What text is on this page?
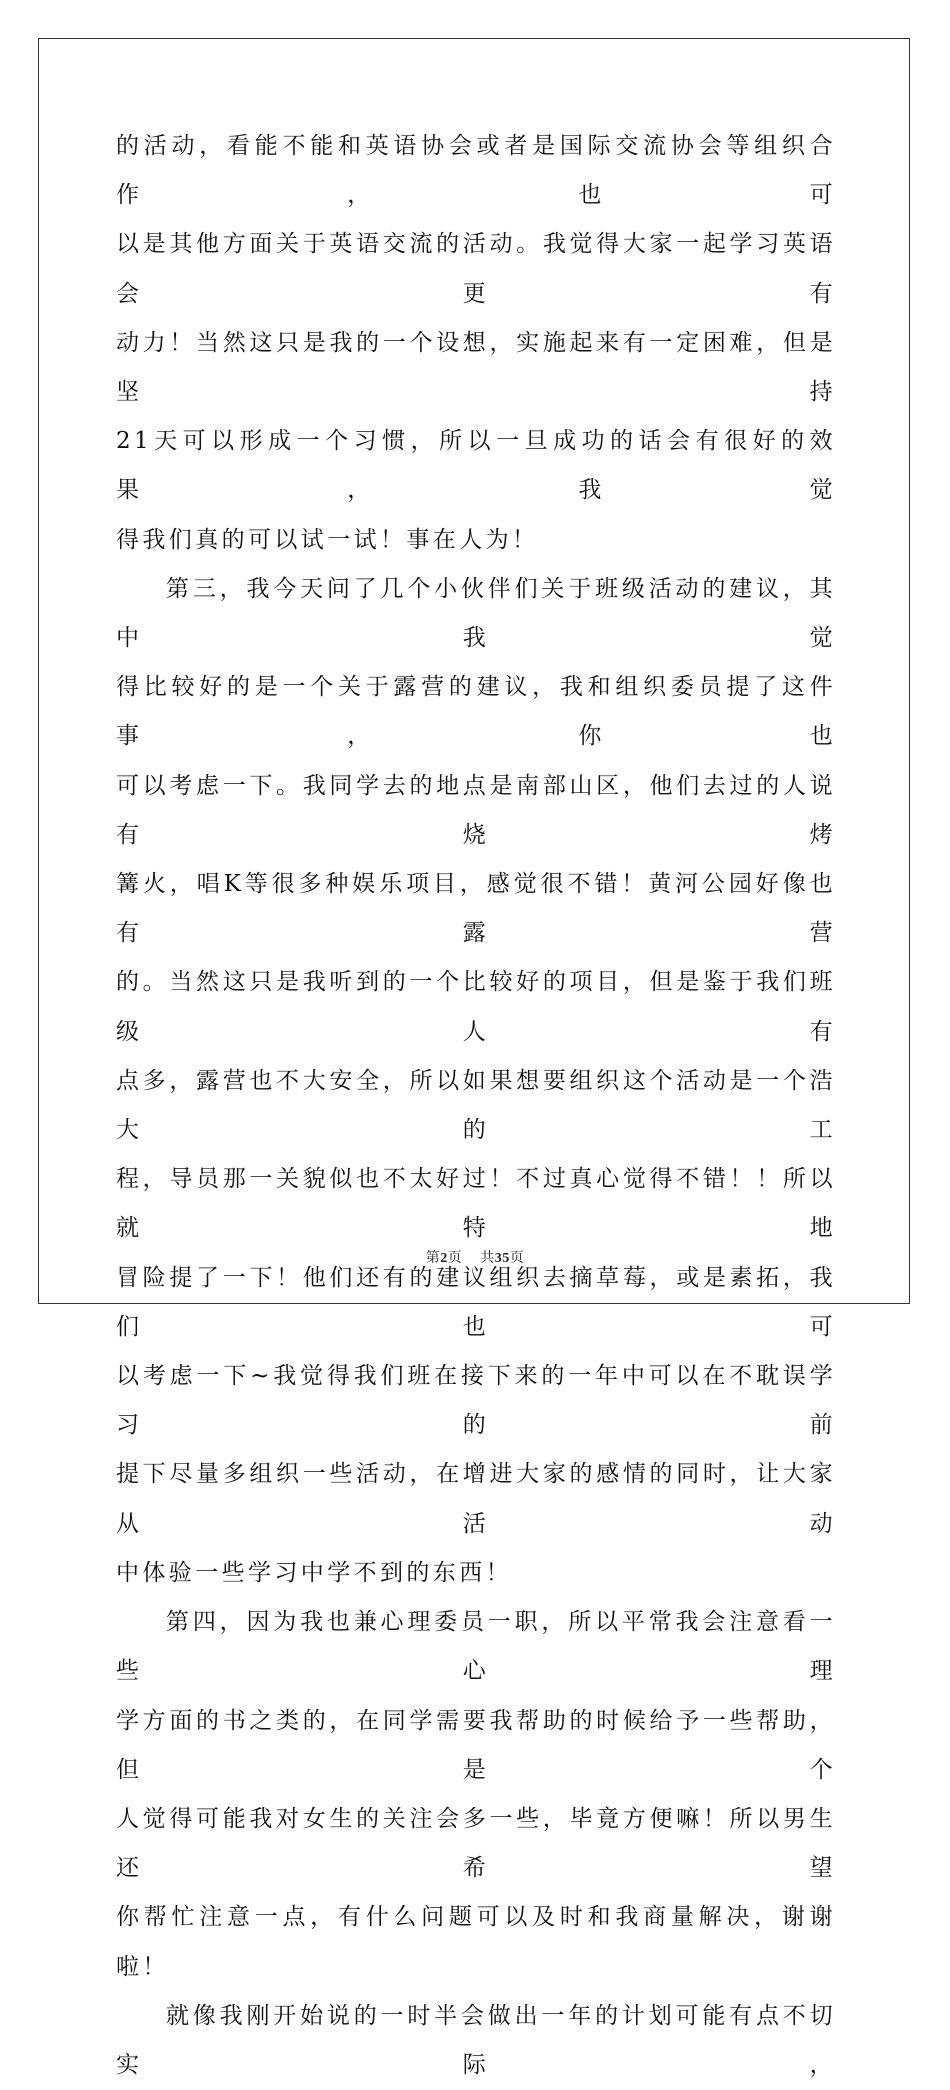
的活动，看能不能和英语协会或者是国际交流协会等组织合作，也可

以是其他方面关于英语交流的活动。我觉得大家一起学习英语会更有

动力！当然这只是我的一个设想，实施起来有一定困难，但是坚持

21天可以形成一个习惯，所以一旦成功的话会有很好的效果，我觉

得我们真的可以试一试！事在人为！

第三，我今天问了几个小伙伴们关于班级活动的建议，其中我觉

得比较好的是一个关于露营的建议，我和组织委员提了这件事，你也

可以考虑一下。我同学去的地点是南部山区，他们去过的人说有烧烤

篝火，唱K等很多种娱乐项目，感觉很不错！黄河公园好像也有露营

的。当然这只是我听到的一个比较好的项目，但是鉴于我们班级人有

点多，露营也不大安全，所以如果想要组织这个活动是一个浩大的工

程，导员那一关貌似也不太好过！不过真心觉得不错！！所以就特地

冒险提了一下！他们还有的建议组织去摘草莓，或是素拓，我们也可

以考虑一下~我觉得我们班在接下来的一年中可以在不耽误学习的前

提下尽量多组织一些活动，在增进大家的感情的同时，让大家从活动

中体验一些学习中学不到的东西！

第四，因为我也兼心理委员一职，所以平常我会注意看一些心理

学方面的书之类的，在同学需要我帮助的时候给予一些帮助，但是个

人觉得可能我对女生的关注会多一些，毕竟方便嘛！所以男生还希望

你帮忙注意一点，有什么问题可以及时和我商量解决，谢谢啦！

就像我刚开始说的一时半会做出一年的计划可能有点不切实际，

第2页 共35页
